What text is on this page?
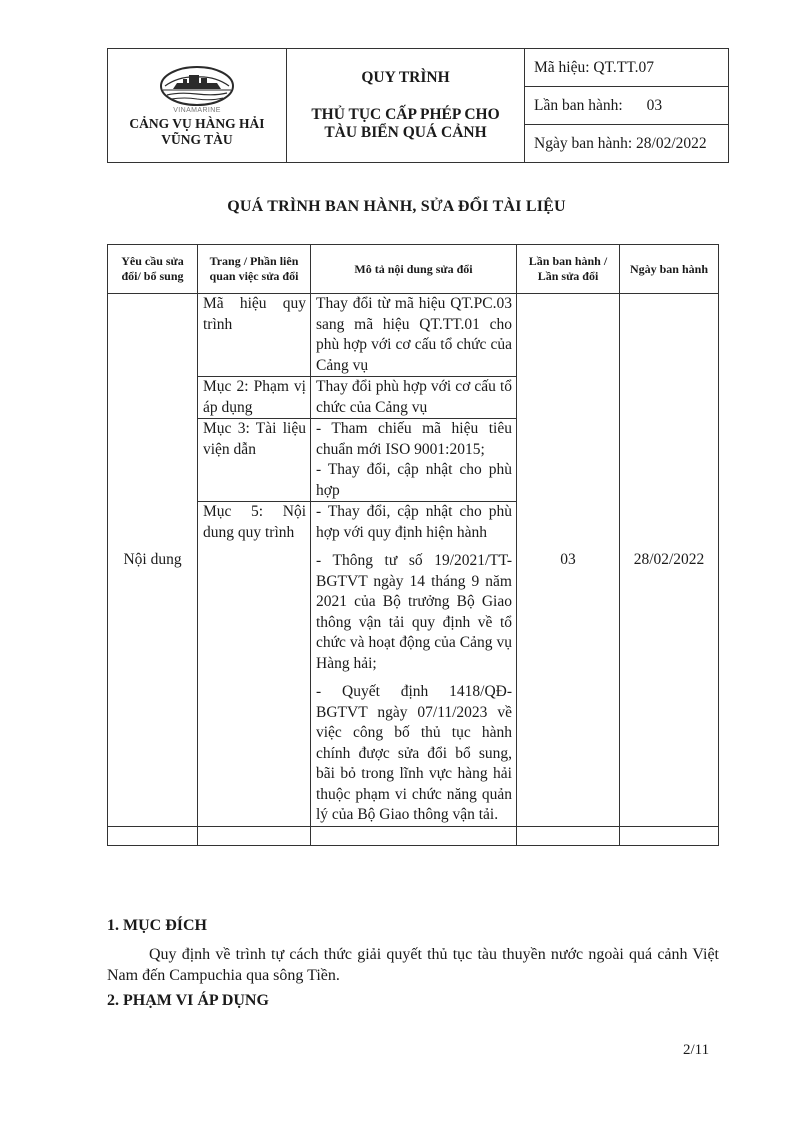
VINAMARINE
CẢNG VỤ HÀNG HẢI
VŨNG TÀU

QUY TRÌNH
THỦ TỤC CẤP PHÉP CHO
TÀU BIỂN QUÁ CẢNH
	Mã hiệu: QT.TT.07
Lần ban hành: 03
Ngày ban hành: 28/02/2022
QUÁ TRÌNH BAN HÀNH, SỬA ĐỔI TÀI LIỆU
Yêu cầu sửa đổi/ bổ sung	Trang / Phần liên quan việc sửa đổi	Mô tả nội dung sửa đổi	Lần ban hành / Lần sửa đổi	Ngày ban hành
Nội dung	Mã hiệu quy trình	Thay đổi từ mã hiệu QT.PC.03 sang mã hiệu QT.TT.01 cho phù hợp với cơ cấu tổ chức của Cảng vụ	03	28/02/2022
	Mục 2: Phạm vị áp dụng	Thay đổi phù hợp với cơ cấu tổ chức của Cảng vụ		

	Mục 3: Tài liệu viện dẫn	- Tham chiếu mã hiệu tiêu chuẩn mới ISO 9001:2015;
- Thay đổi, cập nhật cho phù hợp		

	Mục 5: Nội dung quy trình	- Thay đổi, cập nhật cho phù hợp với quy định hiện hành

- Thông tư số 19/2021/TT-BGTVT ngày 14 tháng 9 năm 2021 của Bộ trưởng Bộ Giao thông vận tải quy định về tổ chức và hoạt động của Cảng vụ Hàng hải;

- Quyết định 1418/QĐ-BGTVT ngày 07/11/2023 về việc công bố thủ tục hành chính được sửa đổi bổ sung, bãi bỏ trong lĩnh vực hàng hải thuộc phạm vi chức năng quản lý của Bộ Giao thông vận tải.		

1. MỤC ĐÍCH
Quy định về trình tự cách thức giải quyết thủ tục tàu thuyền nước ngoài quá cảnh Việt Nam đến Campuchia qua sông Tiền.
2. PHẠM VI ÁP DỤNG
2/11
